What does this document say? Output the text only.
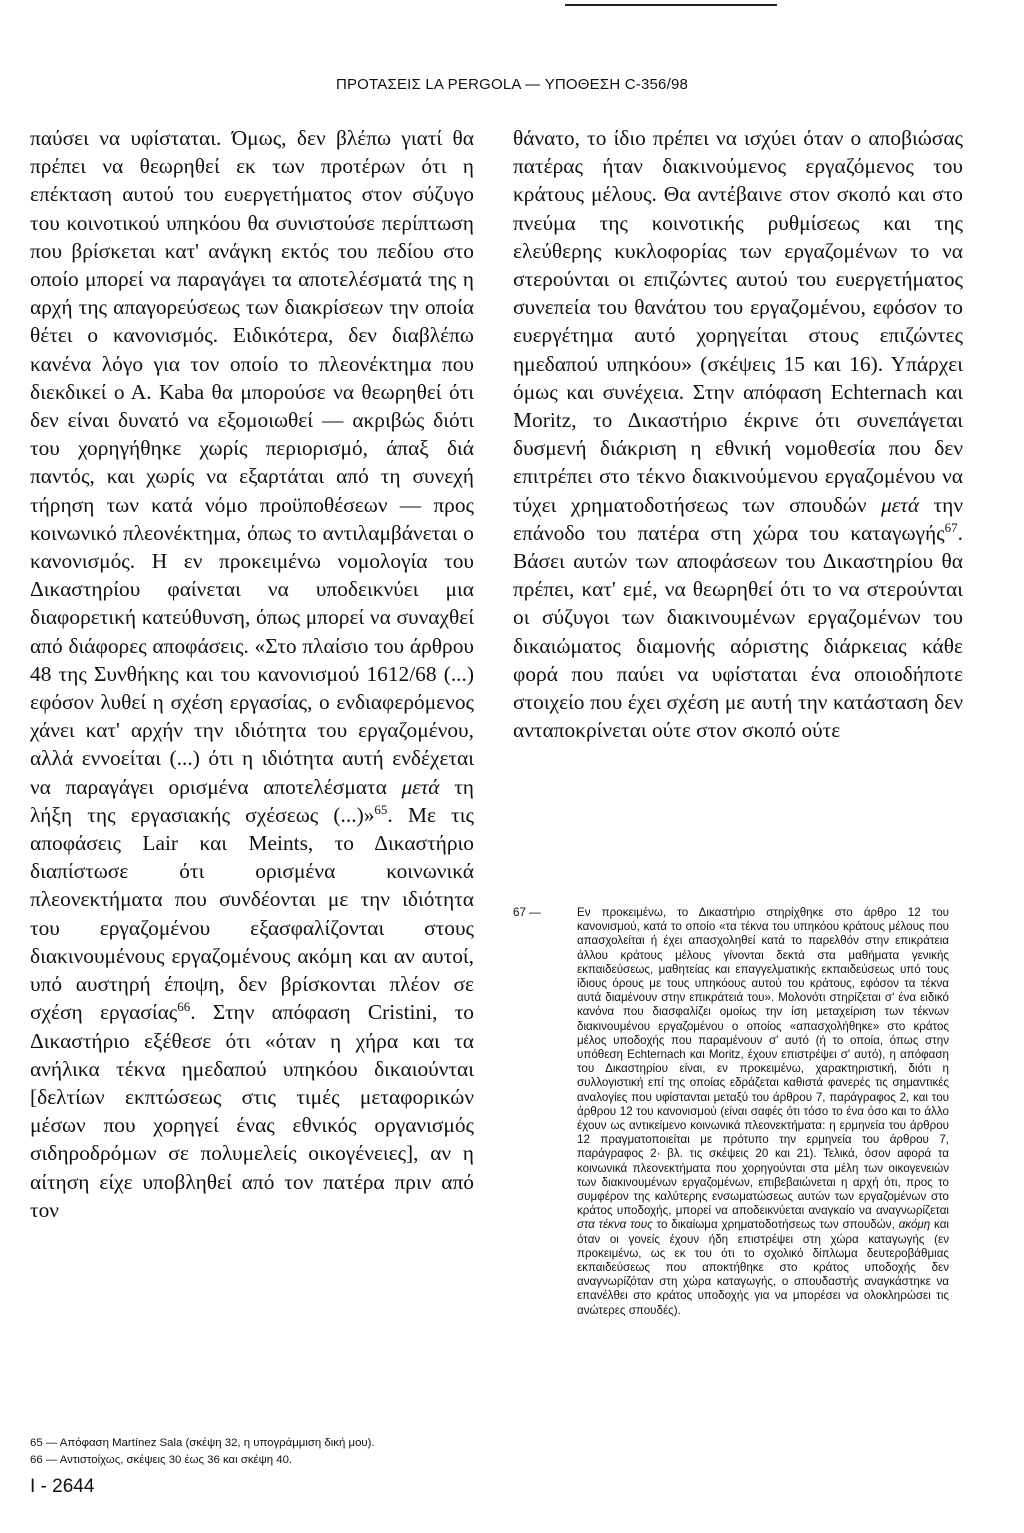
ΠΡΟΤΑΣΕΙΣ LA PERGOLA — ΥΠΟΘΕΣΗ C-356/98

παύσει να υφίσταται. Όμως, δεν βλέπω γιατί θα πρέπει να θεωρηθεί εκ των προτέρων ότι η επέκταση αυτού του ευεργετήματος στον σύζυγο του κοινοτικού υπηκόου θα συνιστούσε περίπτωση που βρίσκεται κατ' ανάγκη εκτός του πεδίου στο οποίο μπορεί να παραγάγει τα αποτελέσματά της η αρχή της απαγορεύσεως των διακρίσεων την οποία θέτει ο κανονισμός. Ειδικότερα, δεν διαβλέπω κανένα λόγο για τον οποίο το πλεονέκτημα που διεκδικεί ο Α. Kaba θα μπορούσε να θεωρηθεί ότι δεν είναι δυνατό να εξομοιωθεί — ακριβώς διότι του χορηγήθηκε χωρίς περιορισμό, άπαξ διά παντός, και χωρίς να εξαρτάται από τη συνεχή τήρηση των κατά νόμο προϋποθέσεων — προς κοινωνικό πλεονέκτημα, όπως το αντιλαμβάνεται ο κανονισμός. Η εν προκειμένω νομολογία του Δικαστηρίου φαίνεται να υποδεικνύει μια διαφορετική κατεύθυνση, όπως μπορεί να συναχθεί από διάφορες αποφάσεις. «Στο πλαίσιο του άρθρου 48 της Συνθήκης και του κανονισμού 1612/68 (...) εφόσον λυθεί η σχέση εργασίας, ο ενδιαφερόμενος χάνει κατ' αρχήν την ιδιότητα του εργαζομένου, αλλά εννοείται (...) ότι η ιδιότητα αυτή ενδέχεται να παραγάγει ορισμένα αποτελέσματα μετά τη λήξη της εργασιακής σχέσεως (...)»$^{65}$. Με τις αποφάσεις Lair και Meints, το Δικαστήριο διαπίστωσε ότι ορισμένα κοινωνικά πλεονεκτήματα που συνδέονται με την ιδιότητα του εργαζομένου εξασφαλίζονται στους διακινουμένους εργαζομένους ακόμη και αν αυτοί, υπό αυστηρή έποψη, δεν βρίσκονται πλέον σε σχέση εργασίας$^{66}$. Στην απόφαση Cristini, το Δικαστήριο εξέθεσε ότι «όταν η χήρα και τα ανήλικα τέκνα ημεδαπού υπηκόου δικαιούνται [δελτίων εκπτώσεως στις τιμές μεταφορικών μέσων που χορηγεί ένας εθνικός οργανισμός σιδηροδρόμων σε πολυμελείς οικογένειες], αν η αίτηση είχε υποβληθεί από τον πατέρα πριν από τον

θάνατο, το ίδιο πρέπει να ισχύει όταν ο αποβιώσας πατέρας ήταν διακινούμενος εργαζόμενος του κράτους μέλους. Θα αντέβαινε στον σκοπό και στο πνεύμα της κοινοτικής ρυθμίσεως και της ελεύθερης κυκλοφορίας των εργαζομένων το να στερούνται οι επιζώντες αυτού του ευεργετήματος συνεπεία του θανάτου του εργαζομένου, εφόσον το ευεργέτημα αυτό χορηγείται στους επιζώντες ημεδαπού υπηκόου» (σκέψεις 15 και 16). Υπάρχει όμως και συνέχεια. Στην απόφαση Echternach και Moritz, το Δικαστήριο έκρινε ότι συνεπάγεται δυσμενή διάκριση η εθνική νομοθεσία που δεν επιτρέπει στο τέκνο διακινούμενου εργαζομένου να τύχει χρηματοδοτήσεως των σπουδών μετά την επάνοδο του πατέρα στη χώρα του καταγωγής$^{67}$. Βάσει αυτών των αποφάσεων του Δικαστηρίου θα πρέπει, κατ' εμέ, να θεωρηθεί ότι το να στερούνται οι σύζυγοι των διακινουμένων εργαζομένων του δικαιώματος διαμονής αόριστης διάρκειας κάθε φορά που παύει να υφίσταται ένα οποιοδήποτε στοιχείο που έχει σχέση με αυτή την κατάσταση δεν ανταποκρίνεται ούτε στον σκοπό ούτε

67 —	Εν προκειμένω, το Δικαστήριο στηρίχθηκε στο άρθρο 12 του κανονισμού, κατά το οποίο «τα τέκνα του υπηκόου κράτους μέλους που απασχολείται ή έχει απασχοληθεί κατά το παρελθόν στην επικράτεια άλλου κράτους μέλους γίνονται δεκτά στα μαθήματα γενικής εκπαιδεύσεως, μαθητείας και επαγγελματικής εκπαιδεύσεως υπό τους ίδιους όρους με τους υπηκόους αυτού του κράτους, εφόσον τα τέκνα αυτά διαμένουν στην επικράτειά του». Μολονότι στηρίζεται σ' ένα ειδικό κανόνα που διασφαλίζει ομοίως την ίση μεταχείριση των τέκνων διακινουμένου εργαζομένου ο οποίος «απασχολήθηκε» στο κράτος μέλος υποδοχής που παραμένουν σ' αυτό (ή το οποία, όπως στην υπόθεση Echternach και Moritz, έχουν επιστρέψει σ' αυτό), η απόφαση του Δικαστηρίου είναι, εν προκειμένω, χαρακτηριστική, διότι η συλλογιστική επί της οποίας εδράζεται καθιστά φανερές τις σημαντικές αναλογίες που υφίστανται μεταξύ του άρθρου 7, παράγραφος 2, και του άρθρου 12 του κανονισμού (είναι σαφές ότι τόσο το ένα όσο και το άλλο έχουν ως αντικείμενο κοινωνικά πλεονεκτήματα: η ερμηνεία του άρθρου 12 πραγματοποιείται με πρότυπο την ερμηνεία του άρθρου 7, παράγραφος 2· βλ. τις σκέψεις 20 και 21). Τελικά, όσον αφορά τα κοινωνικά πλεονεκτήματα που χορηγούνται στα μέλη των οικογενειών των διακινουμένων εργαζομένων, επιβεβαιώνεται η αρχή ότι, προς το συμφέρον της καλύτερης ενσωματώσεως αυτών των εργαζομένων στο κράτος υποδοχής, μπορεί να αποδεικνύεται αναγκαίο να αναγνωρίζεται στα τέκνα τους το δικαίωμα χρηματοδοτήσεως των σπουδών, ακόμη και όταν οι γονείς έχουν ήδη επιστρέψει στη χώρα καταγωγής (εν προκειμένω, ως εκ του ότι το σχολικό δίπλωμα δευτεροβάθμιας εκπαιδεύσεως που αποκτήθηκε στο κράτος υποδοχής δεν αναγνωρίζόταν στη χώρα καταγωγής, ο σπουδαστής αναγκάστηκε να επανέλθει στο κράτος υποδοχής για να μπορέσει να ολοκληρώσει τις ανώτερες σπουδές).

65 — Απόφαση Martínez Sala (σκέψη 32, η υπογράμμιση δική μου).

66 — Αντιστοίχως, σκέψεις 30 έως 36 και σκέψη 40.

I - 2644
